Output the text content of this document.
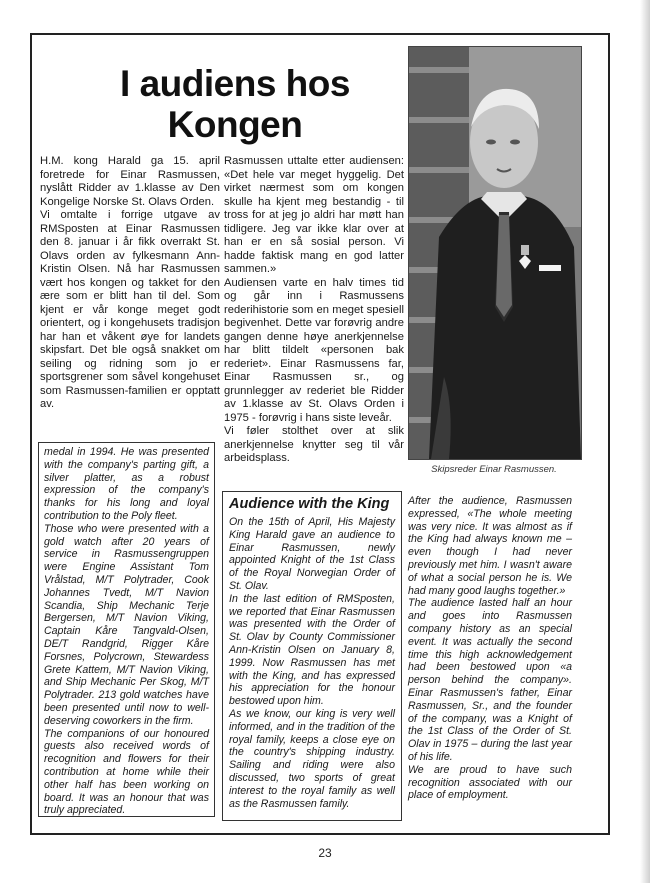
I audiens hos
Kongen

H.M. kong Harald ga 15. april foretrede for Einar Rasmussen, nyslått Ridder av 1.klasse av Den Kongelige Norske St. Olavs Orden.

Vi omtalte i forrige utgave av RMSposten at Einar Rasmussen den 8. januar i år fikk overrakt St. Olavs orden av fylkesmann Ann-Kristin Olsen. Nå har Rasmussen vært hos kongen og takket for den ære som er blitt han til del. Som kjent er vår konge meget godt orientert, og i kongehusets tradisjon har han et våkent øye for landets skipsfart. Det ble også snakket om seiling og ridning som jo er sportsgrener som såvel kongehuset som Rasmussen-familien er opptatt av.

Rasmussen uttalte etter audiensen: «Det hele var meget hyggelig. Det virket nærmest som om kongen skulle ha kjent meg bestandig - til tross for at jeg jo aldri har møtt han tidligere. Jeg var ikke klar over at han er en så sosial person. Vi hadde faktisk mang en god latter sammen.»

Audiensen varte en halv times tid og går inn i Rasmussens rederihistorie som en meget spesiell begivenhet. Dette var forøvrig andre gangen denne høye anerkjennelse har blitt tildelt «personen bak rederiet». Einar Rasmussens far, Einar Rasmussen sr., og grunnlegger av rederiet ble Ridder av 1.klasse av St. Olavs Orden i 1975 - forøvrig i hans siste leveår.

Vi føler stolthet over at slik anerkjennelse knytter seg til vår arbeidsplass.

Skipsreder Einar Rasmussen.

medal in 1994. He was presented with the company's parting gift, a silver platter, as a robust expression of the company's thanks for his long and loyal contribution to the Poly fleet.

Those who were presented with a gold watch after 20 years of service in Rasmussengruppen were Engine Assistant Tom Vrålstad, M/T Polytrader, Cook Johannes Tvedt, M/T Navion Scandia, Ship Mechanic Terje Bergersen, M/T Navion Viking, Captain Kåre Tangvald-Olsen, DE/T Randgrid, Rigger Kåre Forsnes, Polycrown, Stewardess Grete Kattem, M/T Navion Viking, and Ship Mechanic Per Skog, M/T Polytrader. 213 gold watches have been presented until now to well-deserving coworkers in the firm.

The companions of our honoured guests also received words of recognition and flowers for their contribution at home while their other half has been working on board. It was an honour that was truly appreciated.

Audience with the King

On the 15th of April, His Majesty King Harald gave an audience to Einar Rasmussen, newly appointed Knight of the 1st Class of the Royal Norwegian Order of St. Olav.

In the last edition of RMSposten, we reported that Einar Rasmussen was presented with the Order of St. Olav by County Commissioner Ann-Kristin Olsen on January 8, 1999. Now Rasmussen has met with the King, and has expressed his appreciation for the honour bestowed upon him.

As we know, our king is very well informed, and in the tradition of the royal family, keeps a close eye on the country's shipping industry. Sailing and riding were also discussed, two sports of great interest to the royal family as well as the Rasmussen family.

After the audience, Rasmussen expressed, «The whole meeting was very nice. It was almost as if the King had always known me – even though I had never previously met him. I wasn't aware of what a social person he is. We had many good laughs together.»

The audience lasted half an hour and goes into Rasmussen company history as an special event. It was actually the second time this high acknowledgement had been bestowed upon «a person behind the company». Einar Rasmussen's father, Einar Rasmussen, Sr., and the founder of the company, was a Knight of the 1st Class of the Order of St. Olav in 1975 – during the last year of his life.

We are proud to have such recognition associated with our place of employment.

23
